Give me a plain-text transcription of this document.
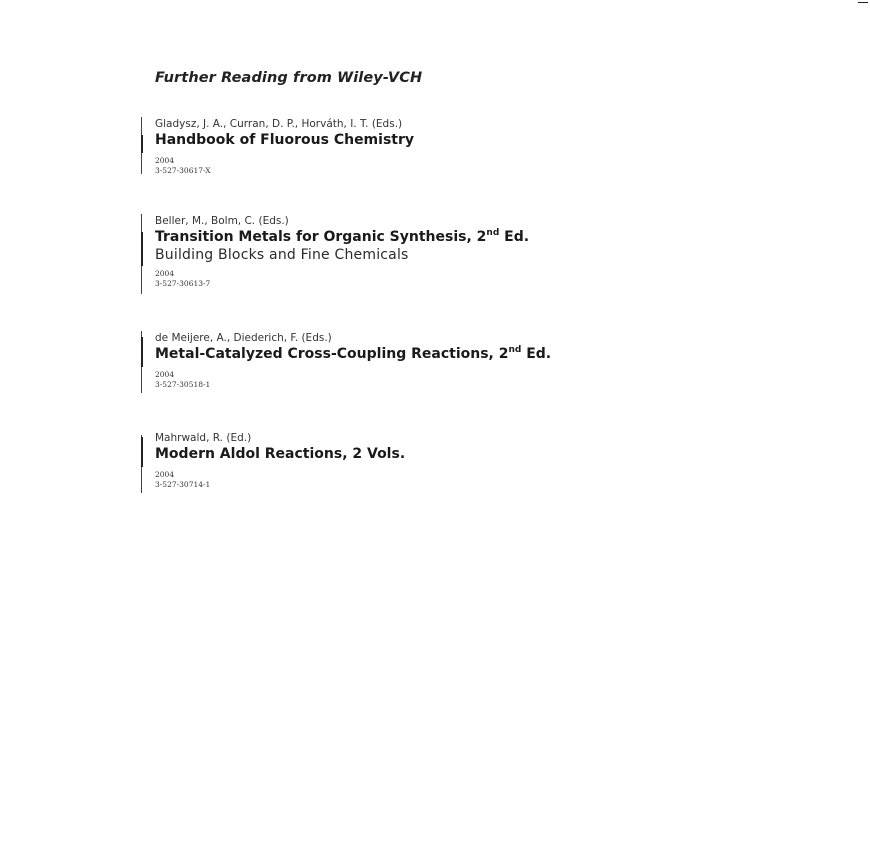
Further Reading from Wiley-VCH
Gladysz, J. A., Curran, D. P., Horváth, I. T. (Eds.)
Handbook of Fluorous Chemistry
2004
3-527-30617-X
Beller, M., Bolm, C. (Eds.)
Transition Metals for Organic Synthesis, 2nd Ed.
Building Blocks and Fine Chemicals
2004
3-527-30613-7
de Meijere, A., Diederich, F. (Eds.)
Metal-Catalyzed Cross-Coupling Reactions, 2nd Ed.
2004
3-527-30518-1
Mahrwald, R. (Ed.)
Modern Aldol Reactions, 2 Vols.
2004
3-527-30714-1
